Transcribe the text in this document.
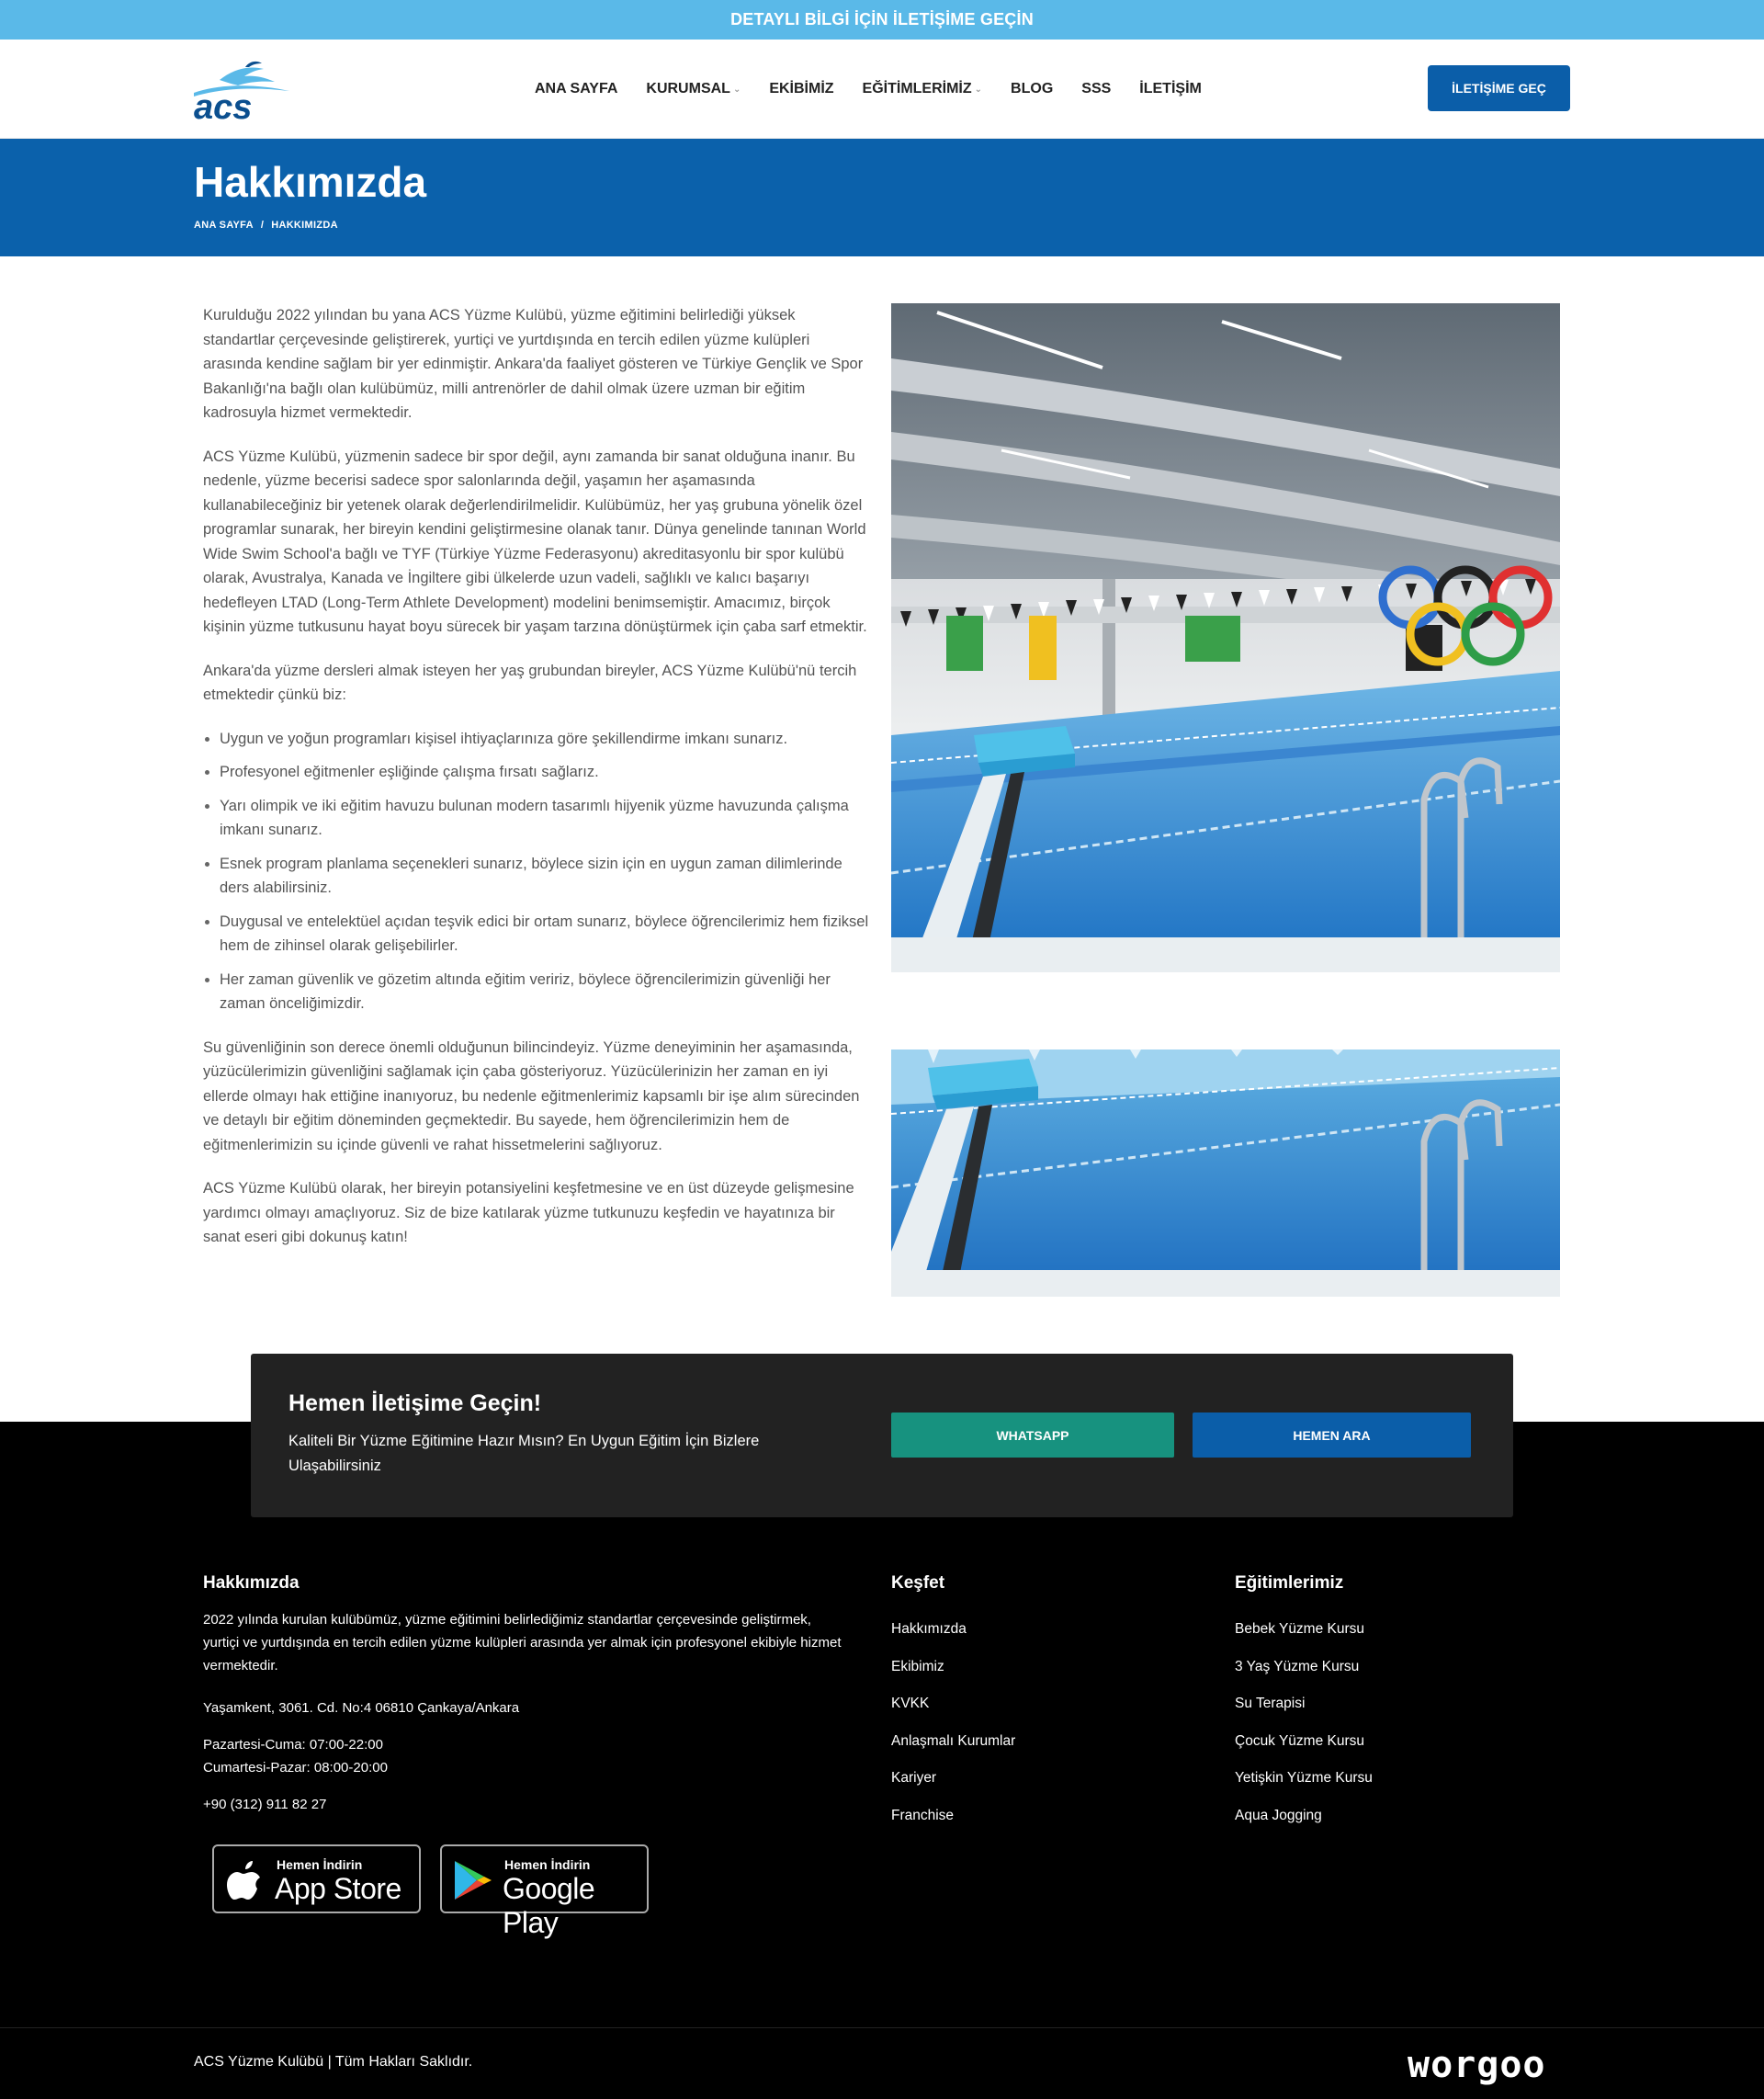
DETAYLI BİLGİ İÇİN İLETİŞİME GEÇİN
acs	ANA SAYFA KURUMSAL ⌄ EKİBİMİZ EĞİTİMLERİMİZ ⌄ BLOG SSS İLETİŞİM	İLETİŞİME GEÇ
Hakkımızda
ANA SAYFA / HAKKIMIZDA

Kurulduğu 2022 yılından bu yana ACS Yüzme Kulübü, yüzme eğitimini belirlediği yüksek standartlar çerçevesinde geliştirerek, yurtiçi ve yurtdışında en tercih edilen yüzme kulüpleri arasında kendine sağlam bir yer edinmiştir. Ankara'da faaliyet gösteren ve Türkiye Gençlik ve Spor Bakanlığı'na bağlı olan kulübümüz, milli antrenörler de dahil olmak üzere uzman bir eğitim kadrosuyla hizmet vermektedir.

ACS Yüzme Kulübü, yüzmenin sadece bir spor değil, aynı zamanda bir sanat olduğuna inanır. Bu nedenle, yüzme becerisi sadece spor salonlarında değil, yaşamın her aşamasında kullanabileceğiniz bir yetenek olarak değerlendirilmelidir. Kulübümüz, her yaş grubuna yönelik özel programlar sunarak, her bireyin kendini geliştirmesine olanak tanır. Dünya genelinde tanınan World Wide Swim School'a bağlı ve TYF (Türkiye Yüzme Federasyonu) akreditasyonlu bir spor kulübü olarak, Avustralya, Kanada ve İngiltere gibi ülkelerde uzun vadeli, sağlıklı ve kalıcı başarıyı hedefleyen LTAD (Long-Term Athlete Development) modelini benimsemiştir. Amacımız, birçok kişinin yüzme tutkusunu hayat boyu sürecek bir yaşam tarzına dönüştürmek için çaba sarf etmektir.

Ankara'da yüzme dersleri almak isteyen her yaş grubundan bireyler, ACS Yüzme Kulübü'nü tercih etmektedir çünkü biz:

Uygun ve yoğun programları kişisel ihtiyaçlarınıza göre şekillendirme imkanı sunarız.
Profesyonel eğitmenler eşliğinde çalışma fırsatı sağlarız.
Yarı olimpik ve iki eğitim havuzu bulunan modern tasarımlı hijyenik yüzme havuzunda çalışma imkanı sunarız.
Esnek program planlama seçenekleri sunarız, böylece sizin için en uygun zaman dilimlerinde ders alabilirsiniz.
Duygusal ve entelektüel açıdan teşvik edici bir ortam sunarız, böylece öğrencilerimiz hem fiziksel hem de zihinsel olarak gelişebilirler.
Her zaman güvenlik ve gözetim altında eğitim veririz, böylece öğrencilerimizin güvenliği her zaman önceliğimizdir.

Su güvenliğinin son derece önemli olduğunun bilincindeyiz. Yüzme deneyiminin her aşamasında, yüzücülerimizin güvenliğini sağlamak için çaba gösteriyoruz. Yüzücülerinizin her zaman en iyi ellerde olmayı hak ettiğine inanıyoruz, bu nedenle eğitmenlerimiz kapsamlı bir işe alım sürecinden ve detaylı bir eğitim döneminden geçmektedir. Bu sayede, hem öğrencilerimizin hem de eğitmenlerimizin su içinde güvenli ve rahat hissetmelerini sağlıyoruz.

ACS Yüzme Kulübü olarak, her bireyin potansiyelini keşfetmesine ve en üst düzeyde gelişmesine yardımcı olmayı amaçlıyoruz. Siz de bize katılarak yüzme tutkunuzu keşfedin ve hayatınıza bir sanat eseri gibi dokunuş katın!

Hemen İletişime Geçin!

Kaliteli Bir Yüzme Eğitimine Hazır Mısın? En Uygun Eğitim İçin Bizlere Ulaşabilirsiniz

WHATSAPP	HEMEN ARA
Hakkımızda

2022 yılında kurulan kulübümüz, yüzme eğitimini belirlediğimiz standartlar çerçevesinde geliştirmek, yurtiçi ve yurtdışında en tercih edilen yüzme kulüpleri arasında yer almak için profesyonel ekibiyle hizmet vermektedir.

Yaşamkent, 3061. Cd. No:4 06810 Çankaya/Ankara

Pazartesi-Cuma: 07:00-22:00

Cumartesi-Pazar: 08:00-20:00

+90 (312) 911 82 27

Hemen İndirin
App Store
Hemen İndirin
Google Play
Keşfet
Hakkımızda
Ekibimiz
KVKK
Anlaşmalı Kurumlar
Kariyer
Franchise
Eğitimlerimiz
Bebek Yüzme Kursu
3 Yaş Yüzme Kursu
Su Terapisi
Çocuk Yüzme Kursu
Yetişkin Yüzme Kursu
Aqua Jogging

ACS Yüzme Kulübü | Tüm Hakları Saklıdır.	worgoo
